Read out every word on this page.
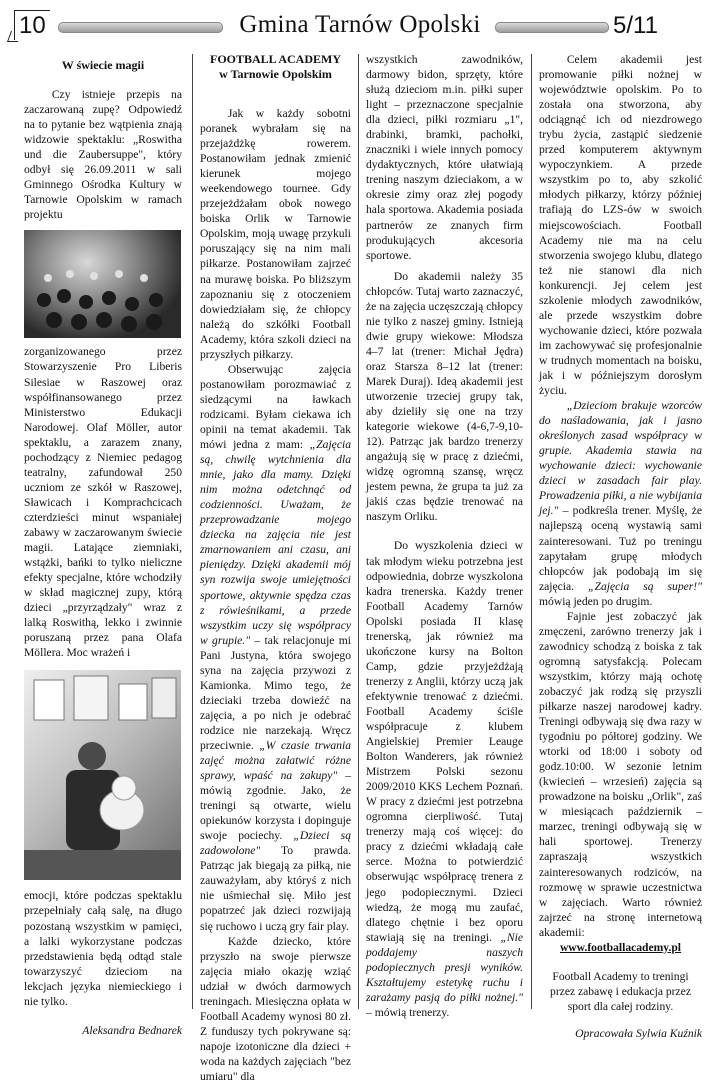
10	Gmina Tarnów Opolski	5/11
W świecie magii

Czy istnieje przepis na zaczarowaną zupę? Odpowiedź na to pytanie bez wątpienia znają widzowie spektaklu: „Roswitha und die Zaubersuppe", który odbył się 26.09.2011 w sali Gminnego Ośrodka Kultury w Tarnowie Opolskim w ramach projektu

zorganizowanego przez Stowarzyszenie Pro Liberis Silesiae w Raszowej oraz współfinansowanego przez Ministerstwo Edukacji Narodowej. Olaf Möller, autor spektaklu, a zarazem znany, pochodzący z Niemiec pedagog teatralny, zafundował 250 uczniom ze szkół w Raszowej, Sławicach i Komprachcicach czterdzieści minut wspaniałej zabawy w zaczarowanym świecie magii. Latające ziemniaki, wstążki, bańki to tylko nieliczne efekty specjalne, które wchodziły w skład magicznej zupy, którą dzieci „przyrządzały" wraz z lalką Roswithą, lekko i zwinnie poruszaną przez pana Olafa Möllera. Moc wrażeń i

emocji, które podczas spektaklu przepełniały całą salę, na długo pozostaną wszystkim w pamięci, a lalki wykorzystane podczas przedstawienia będą odtąd stale towarzyszyć dzieciom na lekcjach języka niemieckiego i nie tylko.

Aleksandra Bednarek

FOOTBALL ACADEMY
w Tarnowie Opolskim

Jak w każdy sobotni poranek wybrałam się na przejażdżkę rowerem. Postanowiłam jednak zmienić kierunek mojego weekendowego tournee. Gdy przejeżdżałam obok nowego boiska Orlik w Tarnowie Opolskim, moją uwagę przykuli poruszający się na nim mali piłkarze. Postanowiłam zajrzeć na murawę boiska. Po bliższym zapoznaniu się z otoczeniem dowiedziałam się, że chłopcy należą do szkółki Football Academy, która szkoli dzieci na przyszłych piłkarzy.

Obserwując zajęcia postanowiłam porozmawiać z siedzącymi na ławkach rodzicami. Byłam ciekawa ich opinii na temat akademii. Tak mówi jedna z mam: „Zajęcia są, chwilę wytchnienia dla mnie, jako dla mamy. Dzięki nim można odetchnąć od codzienności. Uważam, że przeprowadzanie mojego dziecka na zajęcia nie jest zmarnowaniem ani czasu, ani pieniędzy. Dzięki akademii mój syn rozwija swoje umiejętności sportowe, aktywnie spędza czas z rówieśnikami, a przede wszystkim uczy się współpracy w grupie." – tak relacjonuje mi Pani Justyna, która swojego syna na zajęcia przywozi z Kamionka. Mimo tego, że dzieciaki trzeba dowieźć na zajęcia, a po nich je odebrać rodzice nie narzekają. Wręcz przeciwnie. „W czasie trwania zajęć można załatwić różne sprawy, wpaść na zakupy" – mówią zgodnie. Jako, że treningi są otwarte, wielu opiekunów korzysta i dopinguje swoje pociechy. „Dzieci są zadowolone" To prawda. Patrząc jak biegają za piłką, nie zauważyłam, aby któryś z nich nie uśmiechał się. Miło jest popatrzeć jak dzieci rozwijają się ruchowo i uczą gry fair play.

Każde dziecko, które przyszło na swoje pierwsze zajęcia miało okazję wziąć udział w dwóch darmowych treningach. Miesięczna opłata w Football Academy wynosi 80 zł. Z funduszy tych pokrywane są: napoje izotoniczne dla dzieci + woda na każdych zajęciach "bez umiaru" dla

wszystkich zawodników, darmowy bidon, sprzęty, które służą dzieciom m.in. piłki super light – przeznaczone specjalnie dla dzieci, piłki rozmiaru „1", drabinki, bramki, pachołki, znaczniki i wiele innych pomocy dydaktycznych, które ułatwiają trening naszym dzieciakom, a w okresie zimy oraz złej pogody hala sportowa. Akademia posiada partnerów ze znanych firm produkujących akcesoria sportowe.

Do akademii należy 35 chłopców. Tutaj warto zaznaczyć, że na zajęcia uczęszczają chłopcy nie tylko z naszej gminy. Istnieją dwie grupy wiekowe: Młodsza 4–7 lat (trener: Michał Jędra) oraz Starsza 8–12 lat (trener: Marek Duraj). Ideą akademii jest utworzenie trzeciej grupy tak, aby dzieliły się one na trzy kategorie wiekowe (4-6,7-9,10-12). Patrząc jak bardzo trenerzy angażują się w pracę z dziećmi, widzę ogromną szansę, wręcz jestem pewna, że grupa ta już za jakiś czas będzie trenować na naszym Orliku.

Do wyszkolenia dzieci w tak młodym wieku potrzebna jest odpowiednia, dobrze wyszkolona kadra trenerska. Każdy trener Football Academy Tarnów Opolski posiada II klasę trenerską, jak również ma ukończone kursy na Bolton Camp, gdzie przyjeżdżają trenerzy z Anglii, którzy uczą jak efektywnie trenować z dziećmi. Football Academy ściśle współpracuje z klubem Angielskiej Premier Leauge Bolton Wanderers, jak również Mistrzem Polski sezonu 2009/2010 KKS Lechem Poznań. W pracy z dziećmi jest potrzebna ogromna cierpliwość. Tutaj trenerzy mają coś więcej: do pracy z dziećmi wkładają całe serce. Można to potwierdzić obserwując współpracę trenera z jego podopiecznymi. Dzieci wiedzą, że mogą mu zaufać, dlatego chętnie i bez oporu stawiają się na treningi. „Nie poddajemy naszych podopiecznych presji wyników. Kształtujemy estetykę ruchu i zarażamy pasją do piłki nożnej." – mówią trenerzy.

Celem akademii jest promowanie piłki nożnej w województwie opolskim. Po to została ona stworzona, aby odciągnąć ich od niezdrowego trybu życia, zastąpić siedzenie przed komputerem aktywnym wypoczynkiem. A przede wszystkim po to, aby szkolić młodych piłkarzy, którzy później trafiają do LZS-ów w swoich miejscowościach. Football Academy nie ma na celu stworzenia swojego klubu, dlatego też nie stanowi dla nich konkurencji. Jej celem jest szkolenie młodych zawodników, ale przede wszystkim dobre wychowanie dzieci, które pozwala im zachowywać się profesjonalnie w trudnych momentach na boisku, jak i w późniejszym dorosłym życiu.

„Dzieciom brakuje wzorców do naśladowania, jak i jasno określonych zasad współpracy w grupie. Akademia stawia na wychowanie dzieci: wychowanie dzieci w zasadach fair play. Prowadzenia piłki, a nie wybijania jej." – podkreśla trener. Myślę, że najlepszą oceną wystawią sami zainteresowani. Tuż po treningu zapytałam grupę młodych chłopców jak podobają im się zajęcia. „Zajęcia są super!" mówią jeden po drugim.

Fajnie jest zobaczyć jak zmęczeni, zarówno trenerzy jak i zawodnicy schodzą z boiska z tak ogromną satysfakcją. Polecam wszystkim, którzy mają ochotę zobaczyć jak rodzą się przyszli piłkarze naszej narodowej kadry. Treningi odbywają się dwa razy w tygodniu po półtorej godziny. We wtorki od 18:00 i soboty od godz.10:00. W sezonie letnim (kwiecień – wrzesień) zajęcia są prowadzone na boisku „Orlik", zaś w miesiącach październik – marzec, treningi odbywają się w hali sportowej. Trenerzy zapraszają wszystkich zainteresowanych rodziców, na rozmowę w sprawie uczestnictwa w zajęciach. Warto również zajrzeć na stronę internetową akademii:

www.footballacademy.pl

Football Academy to treningi przez zabawę i edukacja przez sport dla całej rodziny.

Opracowała Sylwia Kuźnik
